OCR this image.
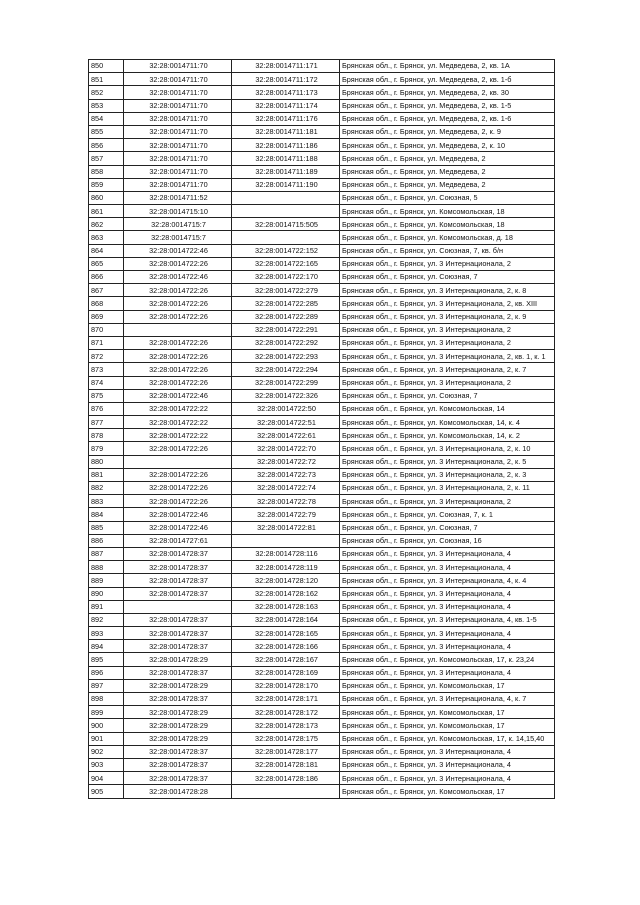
850	32:28:0014711:70	32:28:0014711:171	Брянская обл., г. Брянск, ул. Медведева, 2, кв. 1А
851	32:28:0014711:70	32:28:0014711:172	Брянская обл., г. Брянск, ул. Медведева, 2, кв. 1-б
852	32:28:0014711:70	32:28:0014711:173	Брянская обл., г. Брянск, ул. Медведева, 2, кв. 30
853	32:28:0014711:70	32:28:0014711:174	Брянская обл., г. Брянск, ул. Медведева, 2, кв. 1-5
854	32:28:0014711:70	32:28:0014711:176	Брянская обл., г. Брянск, ул. Медведева, 2, кв. 1-6
855	32:28:0014711:70	32:28:0014711:181	Брянская обл., г. Брянск, ул. Медведева, 2, к. 9
856	32:28:0014711:70	32:28:0014711:186	Брянская обл., г. Брянск, ул. Медведева, 2, к. 10
857	32:28:0014711:70	32:28:0014711:188	Брянская обл., г. Брянск, ул. Медведева, 2
858	32:28:0014711:70	32:28:0014711:189	Брянская обл., г. Брянск, ул. Медведева, 2
859	32:28:0014711:70	32:28:0014711:190	Брянская обл., г. Брянск, ул. Медведева, 2
860	32:28:0014711:52		Брянская обл., г. Брянск, ул. Союзная, 5
861	32:28:0014715:10		Брянская обл., г. Брянск, ул. Комсомольская, 18
862	32:28:0014715:7	32:28:0014715:505	Брянская обл., г. Брянск, ул. Комсомольская, 18
863	32:28:0014715:7		Брянская обл., г. Брянск, ул. Комсомольская, д. 18
864	32:28:0014722:46	32:28:0014722:152	Брянская обл., г. Брянск, ул. Союзная, 7, кв. б/н
865	32:28:0014722:26	32:28:0014722:165	Брянская обл., г. Брянск, ул. 3 Интернационала, 2
866	32:28:0014722:46	32:28:0014722:170	Брянская обл., г. Брянск, ул. Союзная, 7
867	32:28:0014722:26	32:28:0014722:279	Брянская обл., г. Брянск, ул. 3 Интернационала, 2, к. 8
868	32:28:0014722:26	32:28:0014722:285	Брянская обл., г. Брянск, ул. 3 Интернационала, 2, кв. XIII
869	32:28:0014722:26	32:28:0014722:289	Брянская обл., г. Брянск, ул. 3 Интернационала, 2, к. 9
870		32:28:0014722:291	Брянская обл., г. Брянск, ул. 3 Интернационала, 2
871	32:28:0014722:26	32:28:0014722:292	Брянская обл., г. Брянск, ул. 3 Интернационала, 2
872	32:28:0014722:26	32:28:0014722:293	Брянская обл., г. Брянск, ул. 3 Интернационала, 2, кв. 1, к. 1
873	32:28:0014722:26	32:28:0014722:294	Брянская обл., г. Брянск, ул. 3 Интернационала, 2, к. 7
874	32:28:0014722:26	32:28:0014722:299	Брянская обл., г. Брянск, ул. 3 Интернационала, 2
875	32:28:0014722:46	32:28:0014722:326	Брянская обл., г. Брянск, ул. Союзная, 7
876	32:28:0014722:22	32:28:0014722:50	Брянская обл., г. Брянск, ул. Комсомольская, 14
877	32:28:0014722:22	32:28:0014722:51	Брянская обл., г. Брянск, ул. Комсомольская, 14, к. 4
878	32:28:0014722:22	32:28:0014722:61	Брянская обл., г. Брянск, ул. Комсомольская, 14, к. 2
879	32:28:0014722:26	32:28:0014722:70	Брянская обл., г. Брянск, ул. 3 Интернационала, 2, к. 10
880		32:28:0014722:72	Брянская обл., г. Брянск, ул. 3 Интернационала, 2, к. 5
881	32:28:0014722:26	32:28:0014722:73	Брянская обл., г. Брянск, ул. 3 Интернационала, 2, к. 3
882	32:28:0014722:26	32:28:0014722:74	Брянская обл., г. Брянск, ул. 3 Интернационала, 2, к. 11
883	32:28:0014722:26	32:28:0014722:78	Брянская обл., г. Брянск, ул. 3 Интернационала, 2
884	32:28:0014722:46	32:28:0014722:79	Брянская обл., г. Брянск, ул. Союзная, 7, к. 1
885	32:28:0014722:46	32:28:0014722:81	Брянская обл., г. Брянск, ул. Союзная, 7
886	32:28:0014727:61		Брянская обл., г. Брянск, ул. Союзная, 16
887	32:28:0014728:37	32:28:0014728:116	Брянская обл., г. Брянск, ул. 3 Интернационала, 4
888	32:28:0014728:37	32:28:0014728:119	Брянская обл., г. Брянск, ул. 3 Интернационала, 4
889	32:28:0014728:37	32:28:0014728:120	Брянская обл., г. Брянск, ул. 3 Интернационала, 4, к. 4
890	32:28:0014728:37	32:28:0014728:162	Брянская обл., г. Брянск, ул. 3 Интернационала, 4
891		32:28:0014728:163	Брянская обл., г. Брянск, ул. 3 Интернационала, 4
892	32:28:0014728:37	32:28:0014728:164	Брянская обл., г. Брянск, ул. 3 Интернационала, 4, кв. 1-5
893	32:28:0014728:37	32:28:0014728:165	Брянская обл., г. Брянск, ул. 3 Интернационала, 4
894	32:28:0014728:37	32:28:0014728:166	Брянская обл., г. Брянск, ул. 3 Интернационала, 4
895	32:28:0014728:29	32:28:0014728:167	Брянская обл., г. Брянск, ул. Комсомольская, 17, к. 23,24
896	32:28:0014728:37	32:28:0014728:169	Брянская обл., г. Брянск, ул. 3 Интернационала, 4
897	32:28:0014728:29	32:28:0014728:170	Брянская обл., г. Брянск, ул. Комсомольская, 17
898	32:28:0014728:37	32:28:0014728:171	Брянская обл., г. Брянск, ул. 3 Интернационала, 4, к. 7
899	32:28:0014728:29	32:28:0014728:172	Брянская обл., г. Брянск, ул. Комсомольская, 17
900	32:28:0014728:29	32:28:0014728:173	Брянская обл., г. Брянск, ул. Комсомольская, 17
901	32:28:0014728:29	32:28:0014728:175	Брянская обл., г. Брянск, ул. Комсомольская, 17, к. 14,15,40
902	32:28:0014728:37	32:28:0014728:177	Брянская обл., г. Брянск, ул. 3 Интернационала, 4
903	32:28:0014728:37	32:28:0014728:181	Брянская обл., г. Брянск, ул. 3 Интернационала, 4
904	32:28:0014728:37	32:28:0014728:186	Брянская обл., г. Брянск, ул. 3 Интернационала, 4
905	32:28:0014728:28		Брянская обл., г. Брянск, ул. Комсомольская, 17
